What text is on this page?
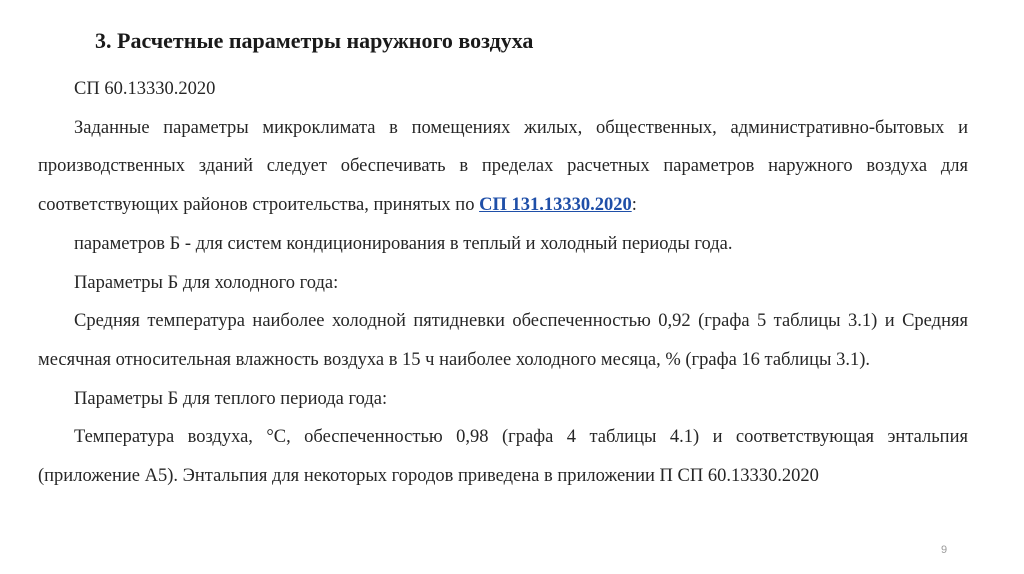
3. Расчетные параметры наружного воздуха

СП 60.13330.2020

Заданные параметры микроклимата в помещениях жилых, общественных, административно-бытовых и производственных зданий следует обеспечивать в пределах расчетных параметров наружного воздуха для соответствующих районов строительства, принятых по СП 131.13330.2020:

параметров Б - для систем кондиционирования в теплый и холодный периоды года.

Параметры Б для холодного года:

Средняя температура наиболее холодной пятидневки обеспеченностью 0,92 (графа 5 таблицы 3.1) и Средняя месячная относительная влажность воздуха в 15 ч наиболее холодного месяца, % (графа 16 таблицы 3.1).

Параметры Б для теплого периода года:

Температура воздуха, °С, обеспеченностью 0,98 (графа 4 таблицы 4.1) и соответствующая энтальпия (приложение А5). Энтальпия для некоторых городов приведена в приложении П СП 60.13330.2020

9
